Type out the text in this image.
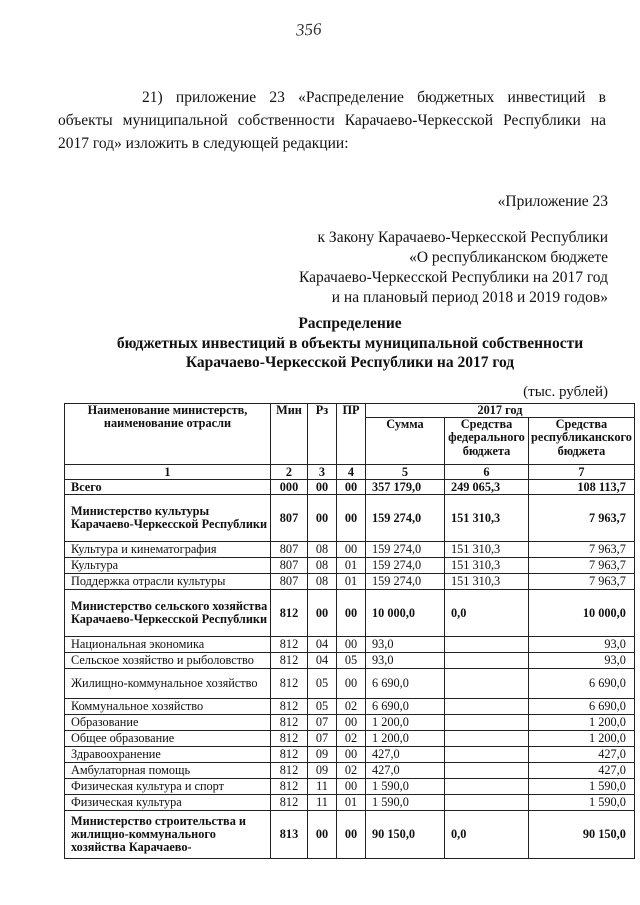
356
21) приложение 23 «Распределение бюджетных инвестиций в объекты муниципальной собственности Карачаево-Черкесской Республики на 2017 год» изложить в следующей редакции:
«Приложение 23
к Закону Карачаево-Черкесской Республики
«О республиканском бюджете
Карачаево-Черкесской Республики на 2017 год
и на плановый период 2018 и 2019 годов»
Распределение
бюджетных инвестиций в объекты муниципальной собственности
Карачаево-Черкесской Республики на 2017 год
(тыс. рублей)
Наименование министерств, наименование отрасли	Мин	Рз	ПР	2017 год		
				Сумма	Средства федерального бюджета	Средства республиканского бюджета
1	2	3	4	5	6	7
Всего	000	00	00	357 179,0	249 065,3	108 113,7
Министерство культуры Карачаево-Черкесской Республики	807	00	00	159 274,0	151 310,3	7 963,7
Культура и кинематография	807	08	00	159 274,0	151 310,3	7 963,7
Культура	807	08	01	159 274,0	151 310,3	7 963,7
Поддержка отрасли культуры	807	08	01	159 274,0	151 310,3	7 963,7
Министерство сельского хозяйства Карачаево-Черкесской Республики	812	00	00	10 000,0	0,0	10 000,0
Национальная экономика	812	04	00	93,0		93,0
Сельское хозяйство и рыболовство	812	04	05	93,0		93,0
Жилищно-коммунальное хозяйство	812	05	00	6 690,0		6 690,0
Коммунальное хозяйство	812	05	02	6 690,0		6 690,0
Образование	812	07	00	1 200,0		1 200,0
Общее образование	812	07	02	1 200,0		1 200,0
Здравоохранение	812	09	00	427,0		427,0
Амбулаторная помощь	812	09	02	427,0		427,0
Физическая культура и спорт	812	11	00	1 590,0		1 590,0
Физическая культура	812	11	01	1 590,0		1 590,0
Министерство строительства и жилищно-коммунального хозяйства Карачаево-	813	00	00	90 150,0	0,0	90 150,0
